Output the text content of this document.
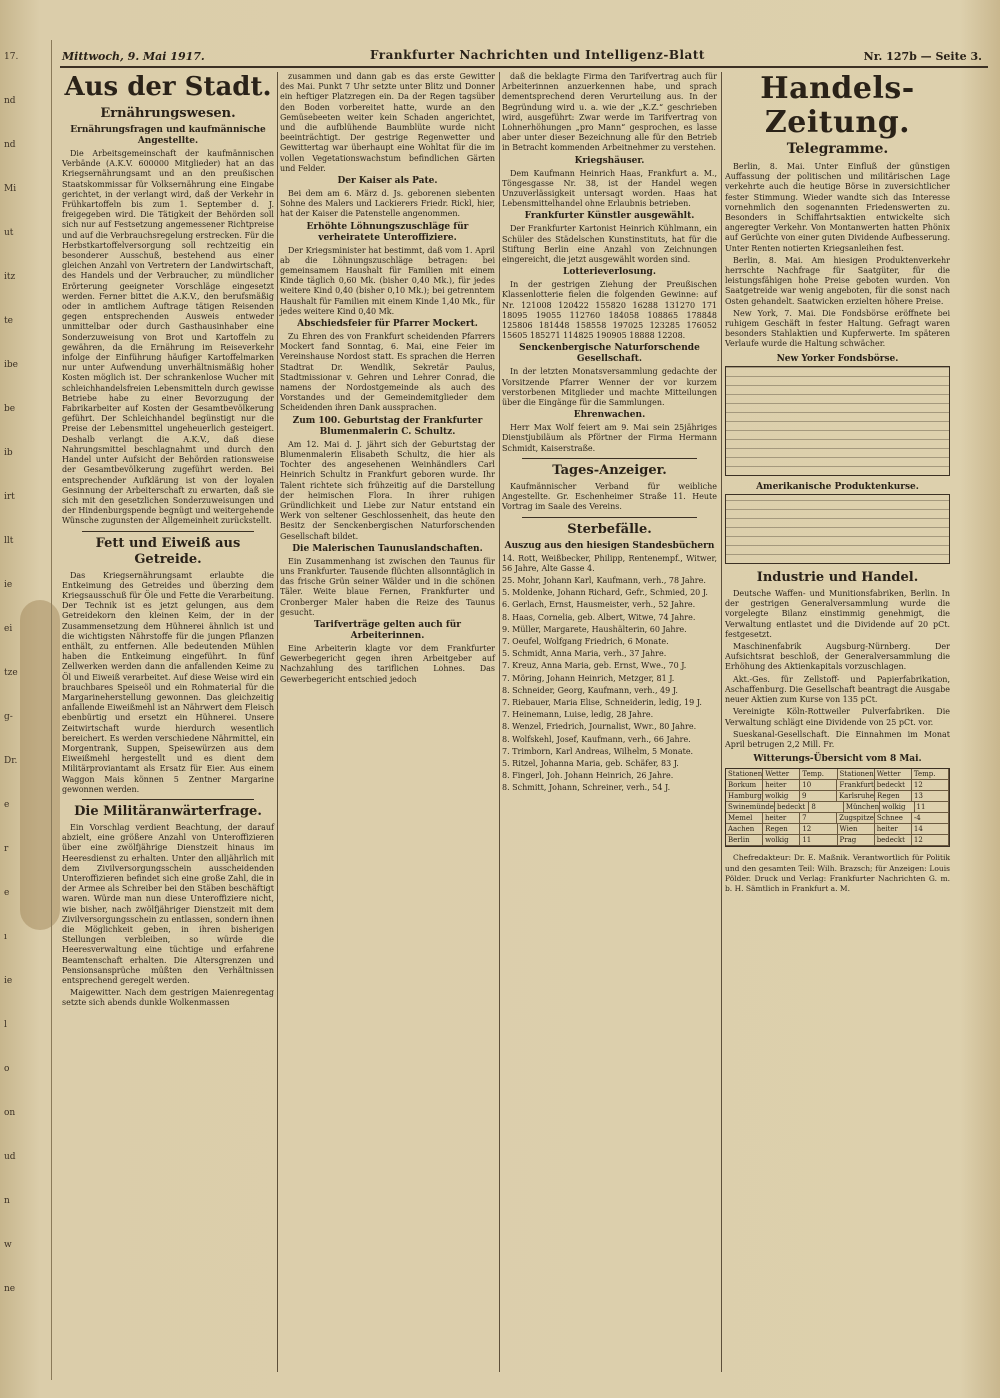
17.
nd
nd
Mi
ut
itz
te
ibe
be
ib
irt
llt
ie
ei
tze
g-
Dr.
e
r
e
ı
ie
l
o
on
ud
n
w
ne
Mittwoch, 9. Mai 1917.	Frankfurter Nachrichten und Intelligenz-Blatt	Nr. 127b — Seite 3.
Aus der Stadt.
Ernährungswesen.
Ernährungsfragen und kaufmännische Angestellte.

Die Arbeitsgemeinschaft der kaufmännischen Verbände (A.K.V. 600000 Mitglieder) hat an das Kriegsernährungsamt und an den preußischen Staatskommissar für Volksernährung eine Eingabe gerichtet, in der verlangt wird, daß der Verkehr in Frühkartoffeln bis zum 1. September d. J. freigegeben wird. Die Tätigkeit der Behörden soll sich nur auf Festsetzung angemessener Richtpreise und auf die Verbrauchsregelung erstrecken. Für die Herbstkartoffelversorgung soll rechtzeitig ein besonderer Ausschuß, bestehend aus einer gleichen Anzahl von Vertretern der Landwirtschaft, des Handels und der Verbraucher, zu mündlicher Erörterung geeigneter Vorschläge eingesetzt werden. Ferner bittet die A.K.V., den berufsmäßig oder in amtlichem Auftrage tätigen Reisenden gegen entsprechenden Ausweis entweder unmittelbar oder durch Gasthausinhaber eine Sonderzuweisung von Brot und Kartoffeln zu gewähren, da die Ernährung im Reiseverkehr infolge der Einführung häufiger Kartoffelmarken nur unter Aufwendung unverhältnismäßig hoher Kosten möglich ist. Der schrankenlose Wucher mit schleichhandelsfreien Lebensmitteln durch gewisse Betriebe habe zu einer Bevorzugung der Fabrikarbeiter auf Kosten der Gesamtbevölkerung geführt. Der Schleichhandel begünstigt nur die Preise der Lebensmittel ungeheuerlich gesteigert. Deshalb verlangt die A.K.V., daß diese Nahrungsmittel beschlagnahmt und durch den Handel unter Aufsicht der Behörden rationsweise der Gesamtbevölkerung zugeführt werden. Bei entsprechender Aufklärung ist von der loyalen Gesinnung der Arbeiterschaft zu erwarten, daß sie sich mit den gesetzlichen Sonderzuweisungen und der Hindenburgspende begnügt und weitergehende Wünsche zugunsten der Allgemeinheit zurückstellt.

Fett und Eiweiß aus Getreide.

Das Kriegsernährungsamt erlaubte die Entkeimung des Getreides und überzing dem Kriegsausschuß für Öle und Fette die Verarbeitung. Der Technik ist es jetzt gelungen, aus dem Getreidekorn den kleinen Keim, der in der Zusammensetzung dem Hühnerei ähnlich ist und die wichtigsten Nährstoffe für die jungen Pflanzen enthält, zu entfernen. Alle bedeutenden Mühlen haben die Entkeimung eingeführt. In fünf Zellwerken werden dann die anfallenden Keime zu Öl und Eiweiß verarbeitet. Auf diese Weise wird ein brauchbares Speiseöl und ein Rohmaterial für die Margarineherstellung gewonnen. Das gleichzeitig anfallende Eiweißmehl ist an Nährwert dem Fleisch ebenbürtig und ersetzt ein Hühnerei. Unsere Zeitwirtschaft wurde hierdurch wesentlich bereichert. Es werden verschiedene Nährmittel, ein Morgentrank, Suppen, Speisewürzen aus dem Eiweißmehl hergestellt und es dient dem Militärproviantamt als Ersatz für Eier. Aus einem Waggon Mais können 5 Zentner Margarine gewonnen werden.

Die Militäranwärterfrage.

Ein Vorschlag verdient Beachtung, der darauf abzielt, eine größere Anzahl von Unteroffizieren über eine zwölfjährige Dienstzeit hinaus im Heeresdienst zu erhalten. Unter den alljährlich mit dem Zivilversorgungsschein ausscheidenden Unteroffizieren befindet sich eine große Zahl, die in der Armee als Schreiber bei den Stäben beschäftigt waren. Würde man nun diese Unteroffiziere nicht, wie bisher, nach zwölfjähriger Dienstzeit mit dem Zivilversorgungsschein zu entlassen, sondern ihnen die Möglichkeit geben, in ihren bisherigen Stellungen verbleiben, so würde die Heeresverwaltung eine tüchtige und erfahrene Beamtenschaft erhalten. Die Altersgrenzen und Pensionsansprüche müßten den Verhältnissen entsprechend geregelt werden.

Maigewitter. Nach dem gestrigen Maienregentag setzte sich abends dunkle Wolkenmassen

zusammen und dann gab es das erste Gewitter des Mai. Punkt 7 Uhr setzte unter Blitz und Donner ein heftiger Platzregen ein. Da der Regen tagsüber den Boden vorbereitet hatte, wurde an den Gemüsebeeten weiter kein Schaden angerichtet, und die aufblühende Baumblüte wurde nicht beeinträchtigt. Der gestrige Regenwetter und Gewittertag war überhaupt eine Wohltat für die im vollen Vegetationswachstum befindlichen Gärten und Felder.

Der Kaiser als Pate.

Bei dem am 6. März d. Js. geborenen siebenten Sohne des Malers und Lackierers Friedr. Rickl, hier, hat der Kaiser die Patenstelle angenommen.

Erhöhte Löhnungszuschläge für verheiratete Unteroffiziere.

Der Kriegsminister hat bestimmt, daß vom 1. April ab die Löhnungszuschläge betragen: bei gemeinsamem Haushalt für Familien mit einem Kinde täglich 0,60 Mk. (bisher 0,40 Mk.), für jedes weitere Kind 0,40 (bisher 0,10 Mk.); bei getrenntem Haushalt für Familien mit einem Kinde 1,40 Mk., für jedes weitere Kind 0,40 Mk.

Abschiedsfeier für Pfarrer Mockert.

Zu Ehren des von Frankfurt scheidenden Pfarrers Mockert fand Sonntag, 6. Mai, eine Feier im Vereinshause Nordost statt. Es sprachen die Herren Stadtrat Dr. Wendlik, Sekretär Paulus, Stadtmissionar v. Gehren und Lehrer Conrad, die namens der Nordostgemeinde als auch des Vorstandes und der Gemeindemitglieder dem Scheidenden ihren Dank aussprachen.

Zum 100. Geburtstag der Frankfurter Blumenmalerin C. Schultz.

Am 12. Mai d. J. jährt sich der Geburtstag der Blumenmalerin Elisabeth Schultz, die hier als Tochter des angesehenen Weinhändlers Carl Heinrich Schultz in Frankfurt geboren wurde. Ihr Talent richtete sich frühzeitig auf die Darstellung der heimischen Flora. In ihrer ruhigen Gründlichkeit und Liebe zur Natur entstand ein Werk von seltener Geschlossenheit, das heute den Besitz der Senckenbergischen Naturforschenden Gesellschaft bildet.

Die Malerischen Taunuslandschaften.

Ein Zusammenhang ist zwischen den Taunus für uns Frankfurter. Tausende flüchten allsonntäglich in das frische Grün seiner Wälder und in die schönen Täler. Weite blaue Fernen, Frankfurter und Cronberger Maler haben die Reize des Taunus gesucht.

Tarifverträge gelten auch für Arbeiterinnen.

Eine Arbeiterin klagte vor dem Frankfurter Gewerbegericht gegen ihren Arbeitgeber auf Nachzahlung des tariflichen Lohnes. Das Gewerbegericht entschied jedoch

daß die beklagte Firma den Tarifvertrag auch für Arbeiterinnen anzuerkennen habe, und sprach dementsprechend deren Verurteilung aus. In der Begründung wird u. a. wie der „K.Z.“ geschrieben wird, ausgeführt: Zwar werde im Tarifvertrag von Lohnerhöhungen „pro Mann“ gesprochen, es lasse aber unter dieser Bezeichnung alle für den Betrieb in Betracht kommenden Arbeitnehmer zu verstehen.

Kriegshäuser.

Dem Kaufmann Heinrich Haas, Frankfurt a. M., Töngesgasse Nr. 38, ist der Handel wegen Unzuverlässigkeit untersagt worden. Haas hat Lebensmittelhandel ohne Erlaubnis betrieben.

Frankfurter Künstler ausgewählt.

Der Frankfurter Kartonist Heinrich Kühlmann, ein Schüler des Städelschen Kunstinstituts, hat für die Stiftung Berlin eine Anzahl von Zeichnungen eingereicht, die jetzt ausgewählt worden sind.

Lotterieverlosung.

In der gestrigen Ziehung der Preußischen Klassenlotterie fielen die folgenden Gewinne: auf Nr. 121008 120422 155820 16288 131270 171 18095 19055 112760 184058 108865 178848 125806 181448 158558 197025 123285 176052 15605 185271 114825 190905 18888 12208.

Senckenbergische Naturforschende Gesellschaft.

In der letzten Monatsversammlung gedachte der Vorsitzende Pfarrer Wenner der vor kurzem verstorbenen Mitglieder und machte Mitteilungen über die Eingänge für die Sammlungen.

Ehrenwachen.

Herr Max Wolf feiert am 9. Mai sein 25jähriges Dienstjubiläum als Pförtner der Firma Hermann Schmidt, Kaiserstraße.

Tages-Anzeiger.

Kaufmännischer Verband für weibliche Angestellte. Gr. Eschenheimer Straße 11. Heute Vortrag im Saale des Vereins.

Sterbefälle.
Auszug aus den hiesigen Standesbüchern

14. Rott, Weißbecker, Philipp, Rentenempf., Witwer, 56 Jahre, Alte Gasse 4.

25. Mohr, Johann Karl, Kaufmann, verh., 78 Jahre.

5. Moldenke, Johann Richard, Gefr., Schmied, 20 J.

6. Gerlach, Ernst, Hausmeister, verh., 52 Jahre.

8. Haas, Cornelia, geb. Albert, Witwe, 74 Jahre.

9. Müller, Margarete, Haushälterin, 60 Jahre.

7. Oeufel, Wolfgang Friedrich, 6 Monate.

5. Schmidt, Anna Maria, verh., 37 Jahre.

7. Kreuz, Anna Maria, geb. Ernst, Wwe., 70 J.

7. Möring, Johann Heinrich, Metzger, 81 J.

8. Schneider, Georg, Kaufmann, verh., 49 J.

7. Riebauer, Maria Elise, Schneiderin, ledig, 19 J.

7. Heinemann, Luise, ledig, 28 Jahre.

8. Wenzel, Friedrich, Journalist, Wwr., 80 Jahre.

8. Wolfskehl, Josef, Kaufmann, verh., 66 Jahre.

7. Trimborn, Karl Andreas, Wilhelm, 5 Monate.

5. Ritzel, Johanna Maria, geb. Schäfer, 83 J.

8. Fingerl, Joh. Johann Heinrich, 26 Jahre.

8. Schmitt, Johann, Schreiner, verh., 54 J.

Handels-Zeitung.
Telegramme.

Berlin, 8. Mai. Unter Einfluß der günstigen Auffassung der politischen und militärischen Lage verkehrte auch die heutige Börse in zuversichtlicher fester Stimmung. Wieder wandte sich das Interesse vornehmlich den sogenannten Friedenswerten zu. Besonders in Schiffahrtsaktien entwickelte sich angeregter Verkehr. Von Montanwerten hatten Phönix auf Gerüchte von einer guten Dividende Aufbesserung. Unter Renten notierten Kriegsanleihen fest.

Berlin, 8. Mai. Am hiesigen Produktenverkehr herrschte Nachfrage für Saatgüter, für die leistungsfähigen hohe Preise geboten wurden. Von Saatgetreide war wenig angeboten, für die sonst nach Osten gehandelt. Saatwicken erzielten höhere Preise.

New York, 7. Mai. Die Fondsbörse eröffnete bei ruhigem Geschäft in fester Haltung. Gefragt waren besonders Stahlaktien und Kupferwerte. Im späteren Verlaufe wurde die Haltung schwächer.

New Yorker Fondsbörse.
Amerikanische Produktenkurse.
Industrie und Handel.

Deutsche Waffen- und Munitionsfabriken, Berlin. In der gestrigen Generalversammlung wurde die vorgelegte Bilanz einstimmig genehmigt, die Verwaltung entlastet und die Dividende auf 20 pCt. festgesetzt.

Maschinenfabrik Augsburg-Nürnberg. Der Aufsichtsrat beschloß, der Generalversammlung die Erhöhung des Aktienkapitals vorzuschlagen.

Akt.-Ges. für Zellstoff- und Papierfabrikation, Aschaffenburg. Die Gesellschaft beantragt die Ausgabe neuer Aktien zum Kurse von 135 pCt.

Vereinigte Köln-Rottweiler Pulverfabriken. Die Verwaltung schlägt eine Dividende von 25 pCt. vor.

Sueskanal-Gesellschaft. Die Einnahmen im Monat April betrugen 2,2 Mill. Fr.

Witterungs-Übersicht vom 8 Mai.
Stationen Wetter	Temp.	Stationen Wetter	Temp.
Borkum	heiter	10	Frankfurt bedeckt	12
Hamburg wolkig	9	Karlsruhe Regen	13
Swinemünde bedeckt 8	München wolkig	11
Memel	heiter	7	Zugspitze Schnee	-4
Aachen	Regen	12	Wien	heiter	14
Berlin	wolkig	11	Prag	bedeckt	12

Chefredakteur: Dr. E. Maßnik. Verantwortlich für Politik und den gesamten Teil: Wilh. Brazsch; für Anzeigen: Louis Pölder. Druck und Verlag: Frankfurter Nachrichten G. m. b. H. Sämtlich in Frankfurt a. M.
